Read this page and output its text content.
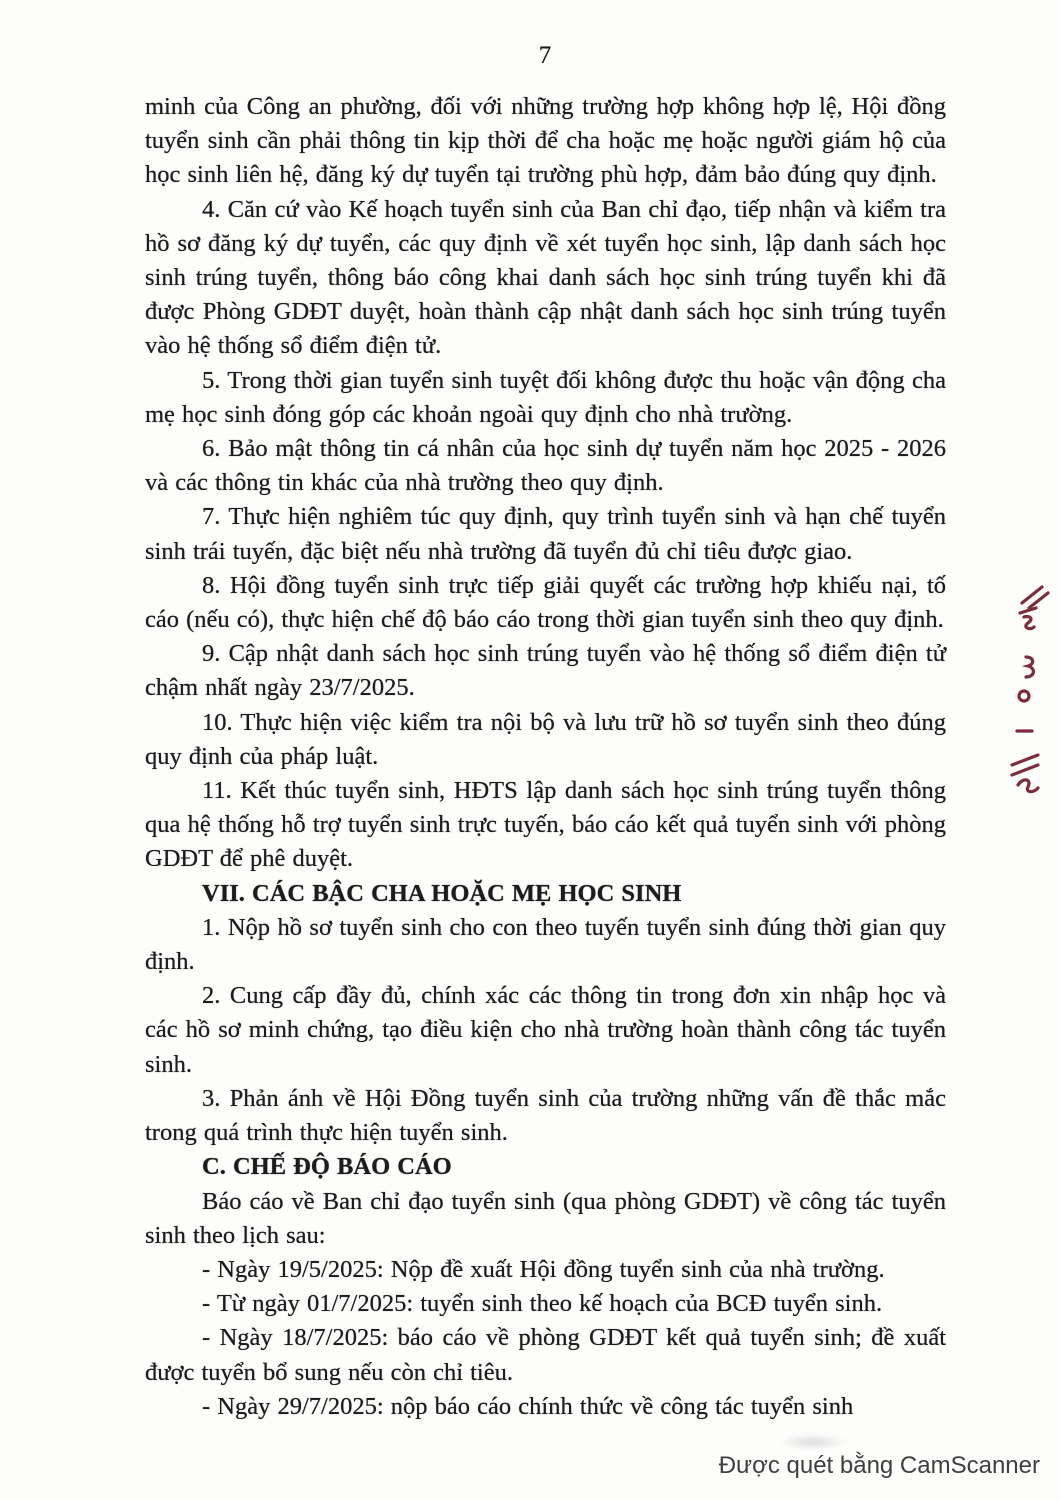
7

minh của Công an phường, đối với những trường hợp không hợp lệ, Hội đồng tuyển sinh cần phải thông tin kịp thời để cha hoặc mẹ hoặc người giám hộ của học sinh liên hệ, đăng ký dự tuyển tại trường phù hợp, đảm bảo đúng quy định.

4. Căn cứ vào Kế hoạch tuyển sinh của Ban chỉ đạo, tiếp nhận và kiểm tra hồ sơ đăng ký dự tuyển, các quy định về xét tuyển học sinh, lập danh sách học sinh trúng tuyển, thông báo công khai danh sách học sinh trúng tuyển khi đã được Phòng GDĐT duyệt, hoàn thành cập nhật danh sách học sinh trúng tuyển vào hệ thống sổ điểm điện tử.

5. Trong thời gian tuyển sinh tuyệt đối không được thu hoặc vận động cha mẹ học sinh đóng góp các khoản ngoài quy định cho nhà trường.

6. Bảo mật thông tin cá nhân của học sinh dự tuyển năm học 2025 - 2026 và các thông tin khác của nhà trường theo quy định.

7. Thực hiện nghiêm túc quy định, quy trình tuyển sinh và hạn chế tuyển sinh trái tuyến, đặc biệt nếu nhà trường đã tuyển đủ chỉ tiêu được giao.

8. Hội đồng tuyển sinh trực tiếp giải quyết các trường hợp khiếu nại, tố cáo (nếu có), thực hiện chế độ báo cáo trong thời gian tuyển sinh theo quy định.

9. Cập nhật danh sách học sinh trúng tuyển vào hệ thống sổ điểm điện tử chậm nhất ngày 23/7/2025.

10. Thực hiện việc kiểm tra nội bộ và lưu trữ hồ sơ tuyển sinh theo đúng quy định của pháp luật.

11. Kết thúc tuyển sinh, HĐTS lập danh sách học sinh trúng tuyển thông qua hệ thống hỗ trợ tuyển sinh trực tuyến, báo cáo kết quả tuyển sinh với phòng GDĐT để phê duyệt.

VII. CÁC BẬC CHA HOẶC MẸ HỌC SINH

1. Nộp hồ sơ tuyển sinh cho con theo tuyến tuyển sinh đúng thời gian quy định.

2. Cung cấp đầy đủ, chính xác các thông tin trong đơn xin nhập học và các hồ sơ minh chứng, tạo điều kiện cho nhà trường hoàn thành công tác tuyển sinh.

3. Phản ánh về Hội Đồng tuyển sinh của trường những vấn đề thắc mắc trong quá trình thực hiện tuyển sinh.

C. CHẾ ĐỘ BÁO CÁO

Báo cáo về Ban chỉ đạo tuyển sinh (qua phòng GDĐT) về công tác tuyển sinh theo lịch sau:

- Ngày 19/5/2025: Nộp đề xuất Hội đồng tuyển sinh của nhà trường.

- Từ ngày 01/7/2025: tuyển sinh theo kế hoạch của BCĐ tuyển sinh.

- Ngày 18/7/2025: báo cáo về phòng GDĐT kết quả tuyển sinh; đề xuất được tuyển bổ sung nếu còn chỉ tiêu.

- Ngày 29/7/2025: nộp báo cáo chính thức về công tác tuyển sinh

Được quét bằng CamScanner
